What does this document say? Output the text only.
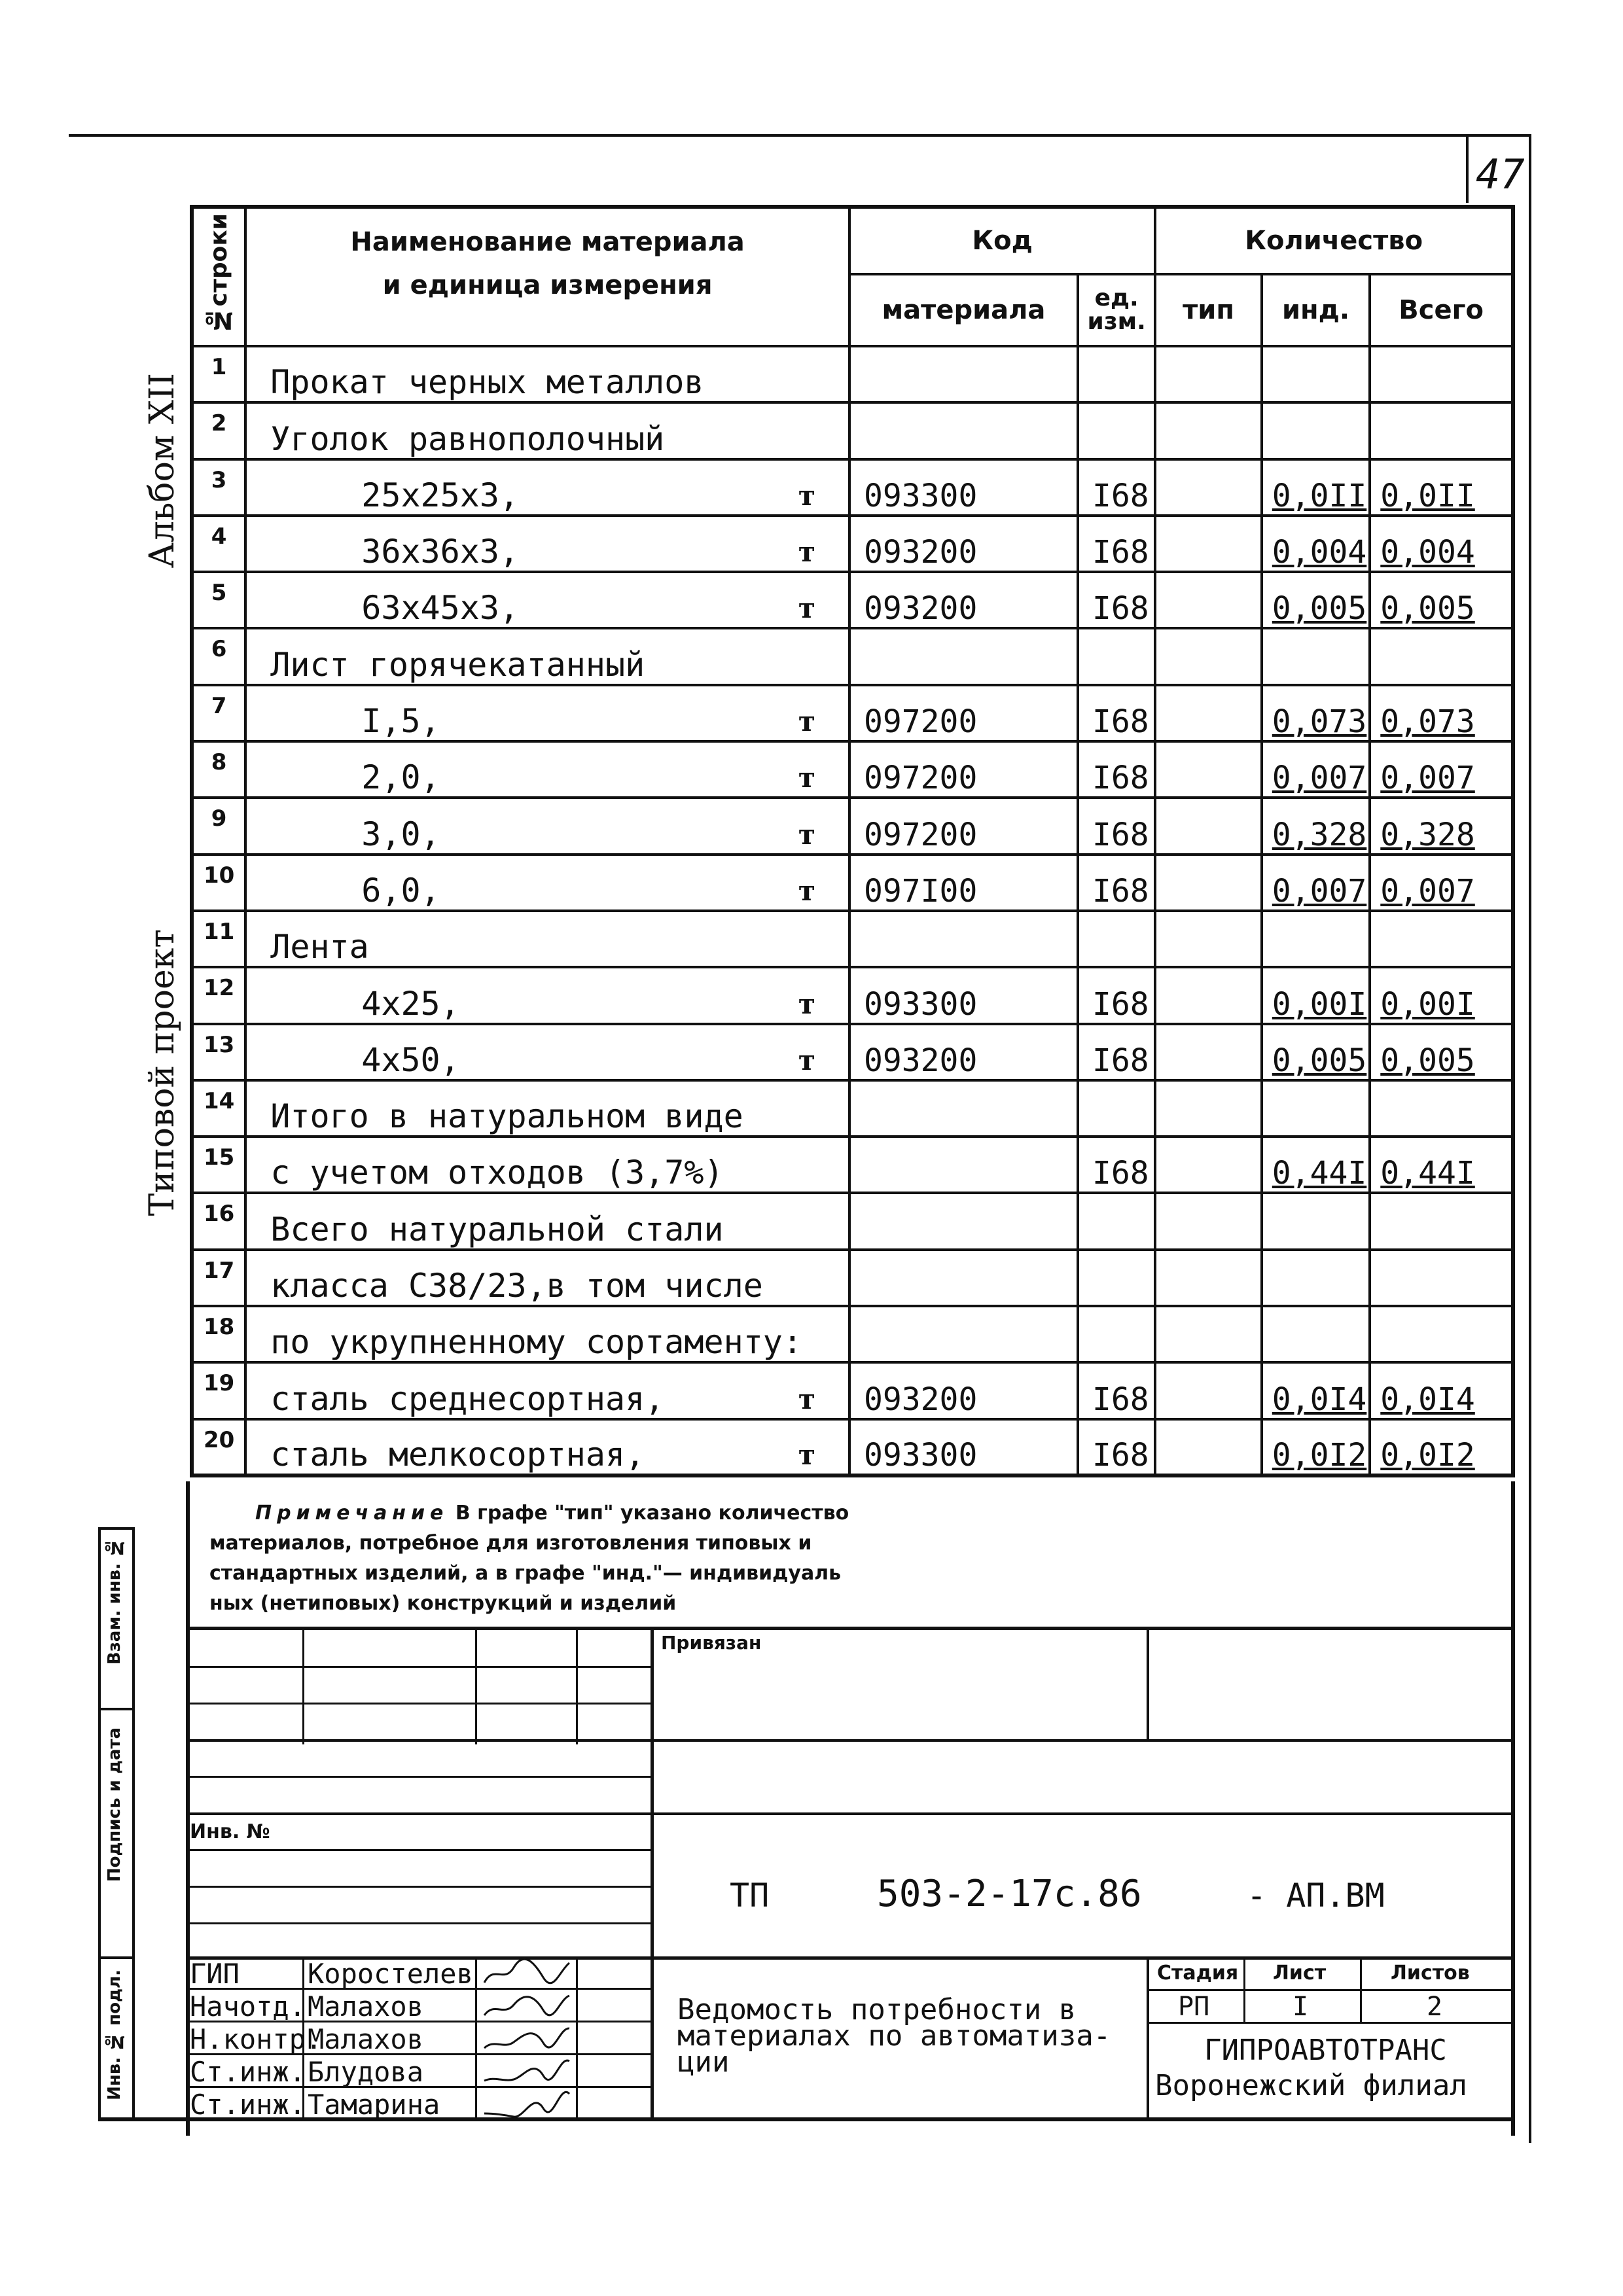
47
Альбом XII
Типовой проект
№строки	Наименование материала
и единица измерения	Код		Количество		
		материала	ед. изм.	тип	инд.	Всего
1	Прокат черных металлов					
2	Уголок равнополочный					
3	25х25х3, т	093300	I68		0,0II	0,0II
4	36х36х3, т	093200	I68		0,004	0,004
5	63х45х3, т	093200	I68		0,005	0,005
6	Лист горячекатанный					
7	I,5, т	097200	I68		0,073	0,073
8	2,0, т	097200	I68		0,007	0,007
9	3,0, т	097200	I68		0,328	0,328
10	6,0, т	097I00	I68		0,007	0,007
11	Лента					
12	4х25, т	093300	I68		0,00I	0,00I
13	4х50, т	093200	I68		0,005	0,005
14	Итого в натуральном виде					
15	с учетом отходов (3,7%)		I68		0,44I	0,44I
16	Всего натуральной стали					
17	класса С38/23,в том числе					
18	по укрупненному сортаменту:					
19	сталь среднесортная, т	093200	I68		0,0I4	0,0I4
20	сталь мелкосортная, т	093300	I68		0,0I2	0,0I2
Примечание В графе "тип" указано количество
материалов, потребное для изготовления типовых и
стандартных изделий, а в графе "инд."— индивидуаль
ных (нетиповых) конструкций и изделий
Взам. инв. №
Подпись и дата
Инв. № подл.
Привязан
Инв. №
ТП	503-2-17с.86	- АП.ВМ
ГИП Коростелев
Начотд. Малахов
Н.контр.
Малахов
Ст.инж. Блудова
Ст.инж. Тамарина
Ведомость потребности в
материалах по автоматиза-
ции
Стадия Лист	Листов
РП	I	2
ГИПРОАВТОТРАНС
Воронежский филиал
